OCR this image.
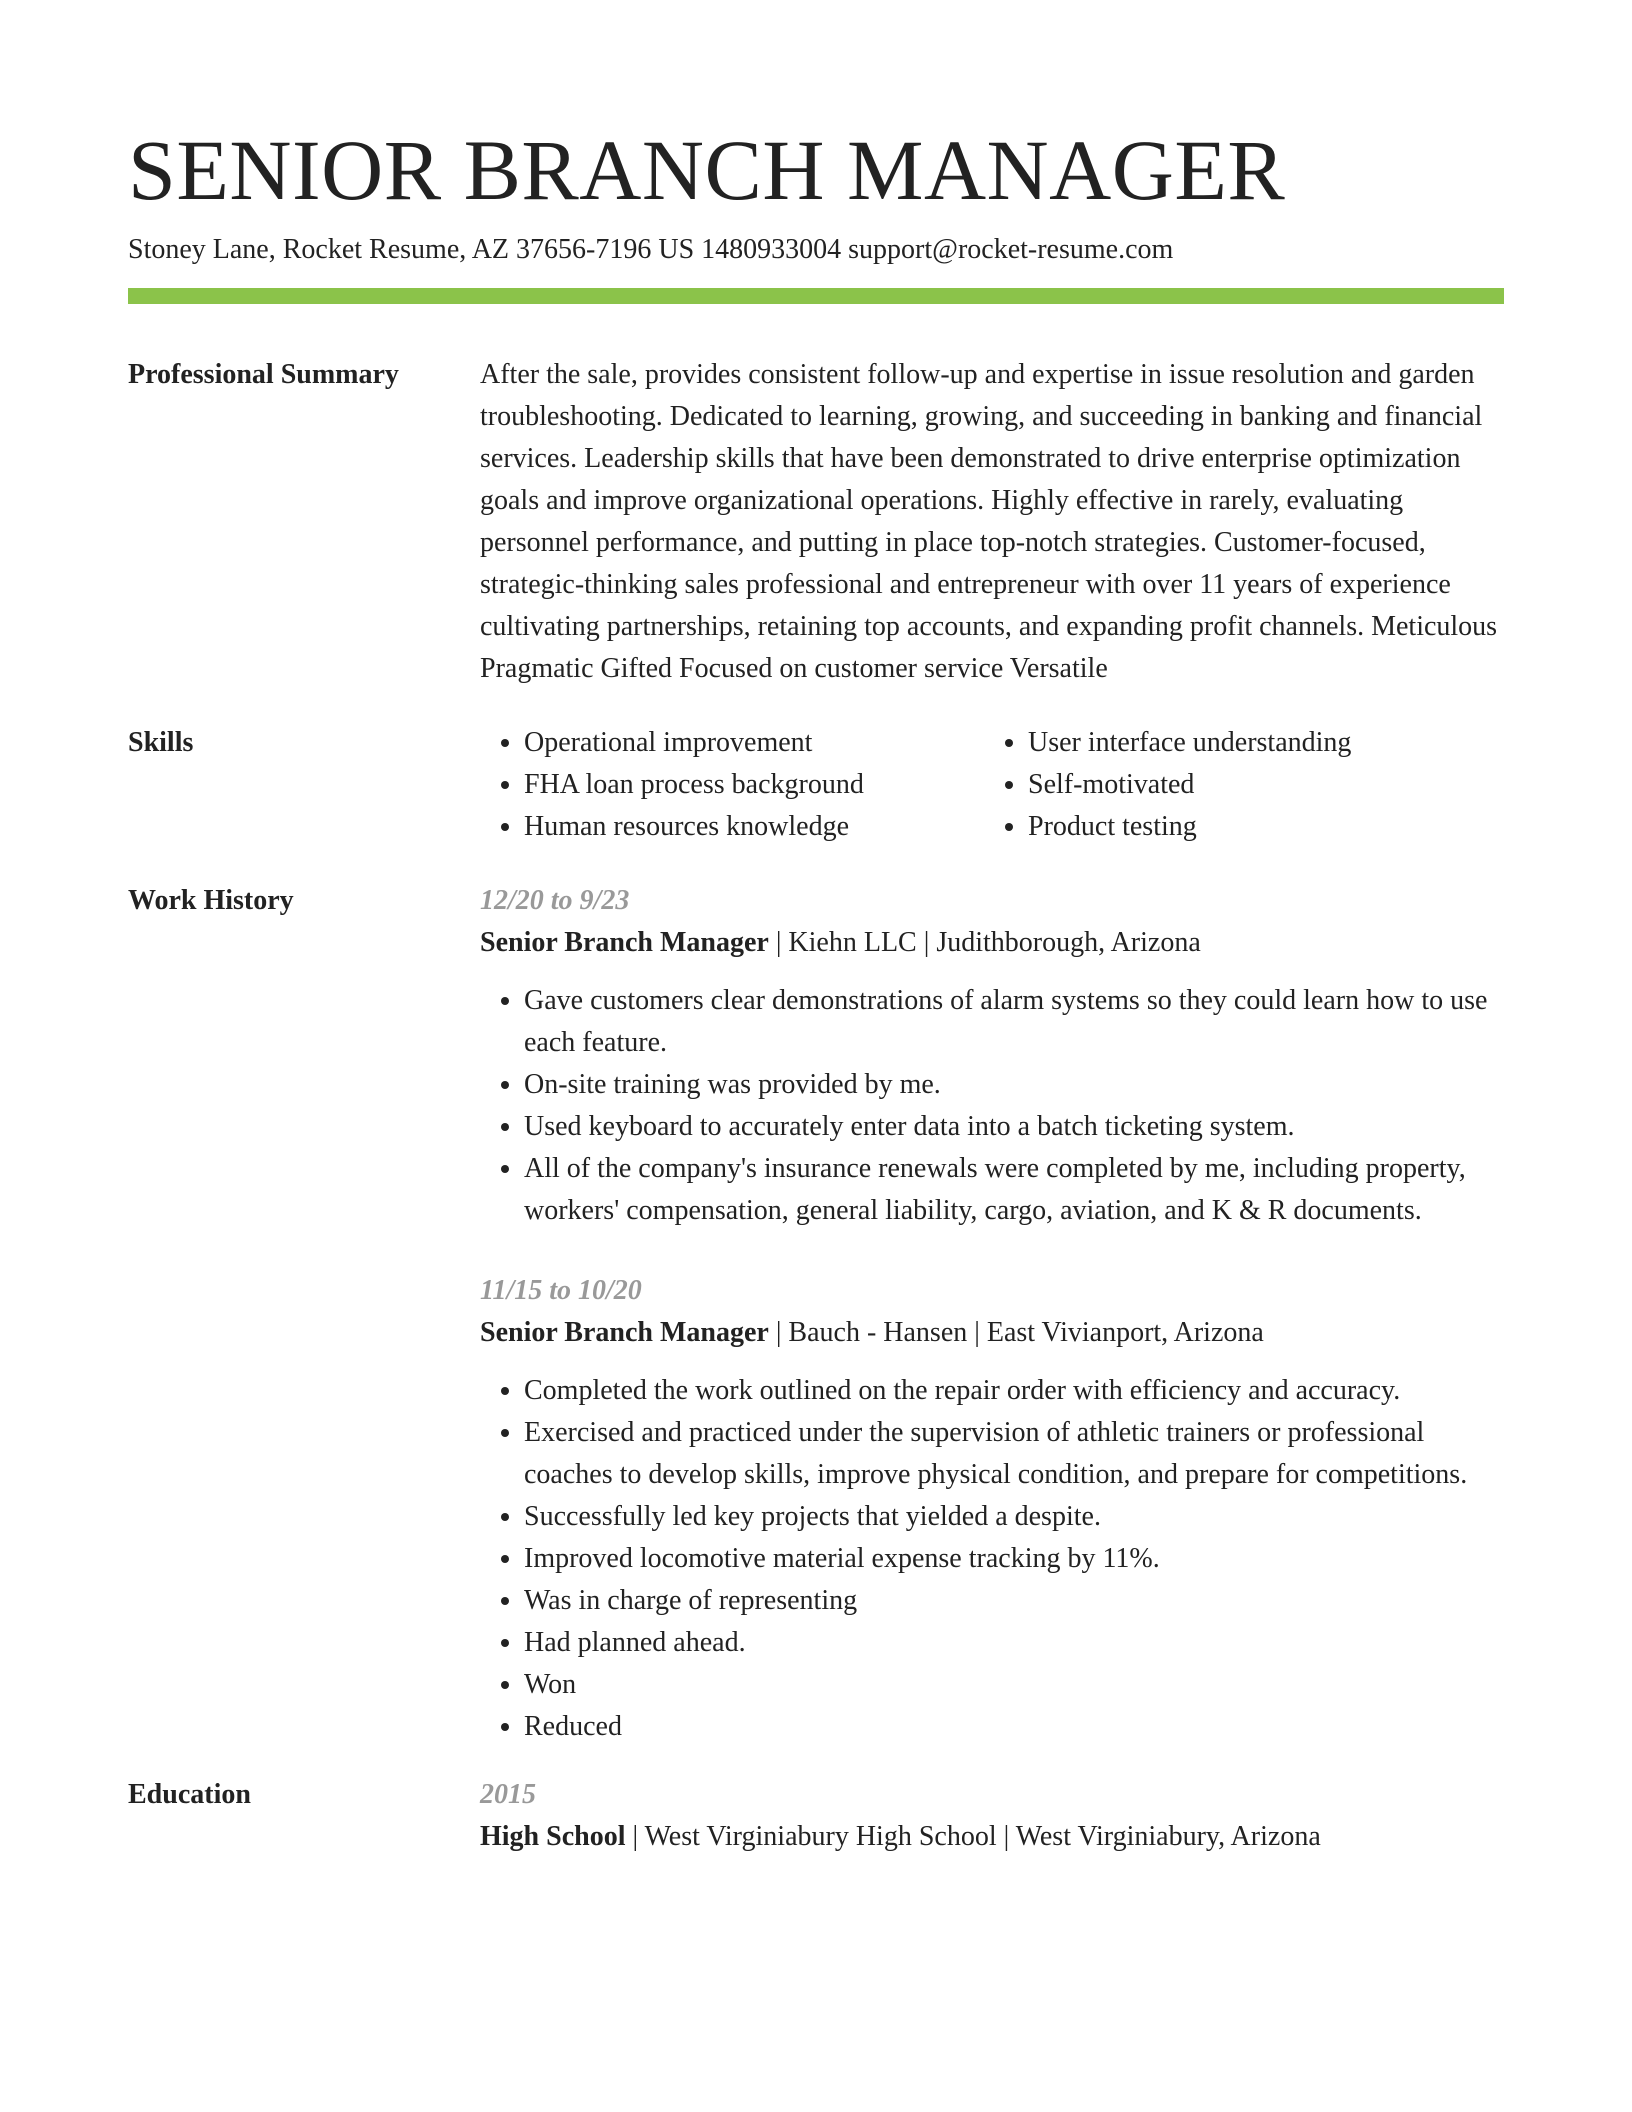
SENIOR BRANCH MANAGER
Stoney Lane, Rocket Resume, AZ 37656-7196 US 1480933004 support@rocket-resume.com
Professional Summary	After the sale, provides consistent follow-up and expertise in issue resolution and garden troubleshooting. Dedicated to learning, growing, and succeeding in banking and financial services. Leadership skills that have been demonstrated to drive enterprise optimization goals and improve organizational operations. Highly effective in rarely, evaluating personnel performance, and putting in place top-notch strategies. Customer-focused, strategic-thinking sales professional and entrepreneur with over 11 years of experience cultivating partnerships, retaining top accounts, and expanding profit channels. Meticulous Pragmatic Gifted Focused on customer service Versatile
Skills
•	Operational improvement
• FHA loan process background
• Human resources knowledge
• User interface understanding
• Self-motivated
• Product testing
Work History	12/20 to 9/23
Senior Branch Manager | Kiehn LLC | Judithborough, Arizona
• Gave customers clear demonstrations of alarm systems so they could learn how to use each feature.
• On-site training was provided by me.
• Used keyboard to accurately enter data into a batch ticketing system.
• All of the company's insurance renewals were completed by me, including property, workers' compensation, general liability, cargo, aviation, and K & R documents.
11/15 to 10/20
Senior Branch Manager | Bauch - Hansen | East Vivianport, Arizona
• Completed the work outlined on the repair order with efficiency and accuracy.
• Exercised and practiced under the supervision of athletic trainers or professional coaches to develop skills, improve physical condition, and prepare for competitions.
• Successfully led key projects that yielded a despite.
• Improved locomotive material expense tracking by 11%.
• Was in charge of representing
• Had planned ahead.
• Won
• Reduced
Education	2015
High School | West Virginiabury High School | West Virginiabury, Arizona
